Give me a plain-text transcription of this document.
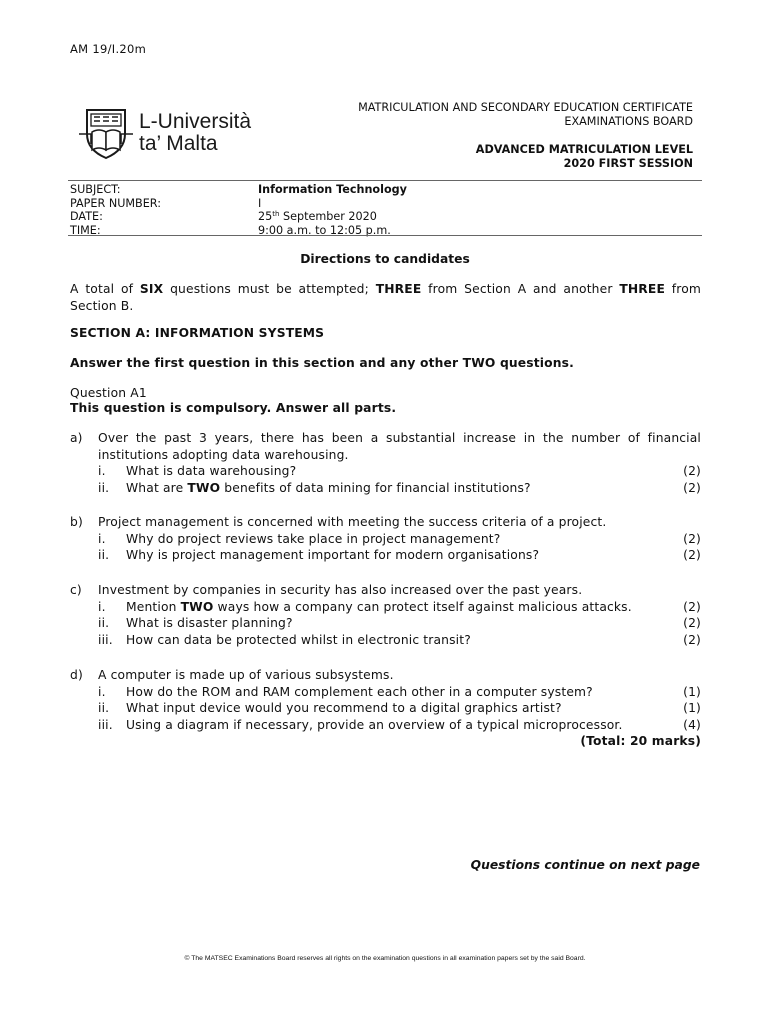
AM 19/I.20m
L-Università
ta’ Malta
MATRICULATION AND SECONDARY EDUCATION CERTIFICATE
EXAMINATIONS BOARD
ADVANCED MATRICULATION LEVEL
2020 FIRST SESSION
SUBJECT:	Information Technology
PAPER NUMBER:	I
DATE:	25th September 2020
TIME:	9:00 a.m. to 12:05 p.m.
Directions to candidates
A total of SIX questions must be attempted; THREE from Section A and another THREE from Section B.
SECTION A: INFORMATION SYSTEMS
Answer the first question in this section and any other TWO questions.
Question A1
This question is compulsory. Answer all parts.
a)	Over the past 3 years, there has been a substantial increase in the number of financial institutions adopting data warehousing.
i.	What is data warehousing?	(2)
ii.	What are TWO benefits of data mining for financial institutions?	(2)
b)	Project management is concerned with meeting the success criteria of a project.
i.	Why do project reviews take place in project management?	(2)
ii.	Why is project management important for modern organisations?	(2)
c)	Investment by companies in security has also increased over the past years.
i.	Mention TWO ways how a company can protect itself against malicious attacks.	(2)
ii.	What is disaster planning?	(2)
iii.	How can data be protected whilst in electronic transit?	(2)
d)	A computer is made up of various subsystems.
i.	How do the ROM and RAM complement each other in a computer system?	(1)
ii.	What input device would you recommend to a digital graphics artist?	(1)
iii.	Using a diagram if necessary, provide an overview of a typical microprocessor.	(4)
(Total: 20 marks)
Questions continue on next page
© The MATSEC Examinations Board reserves all rights on the examination questions in all examination papers set by the said Board.
